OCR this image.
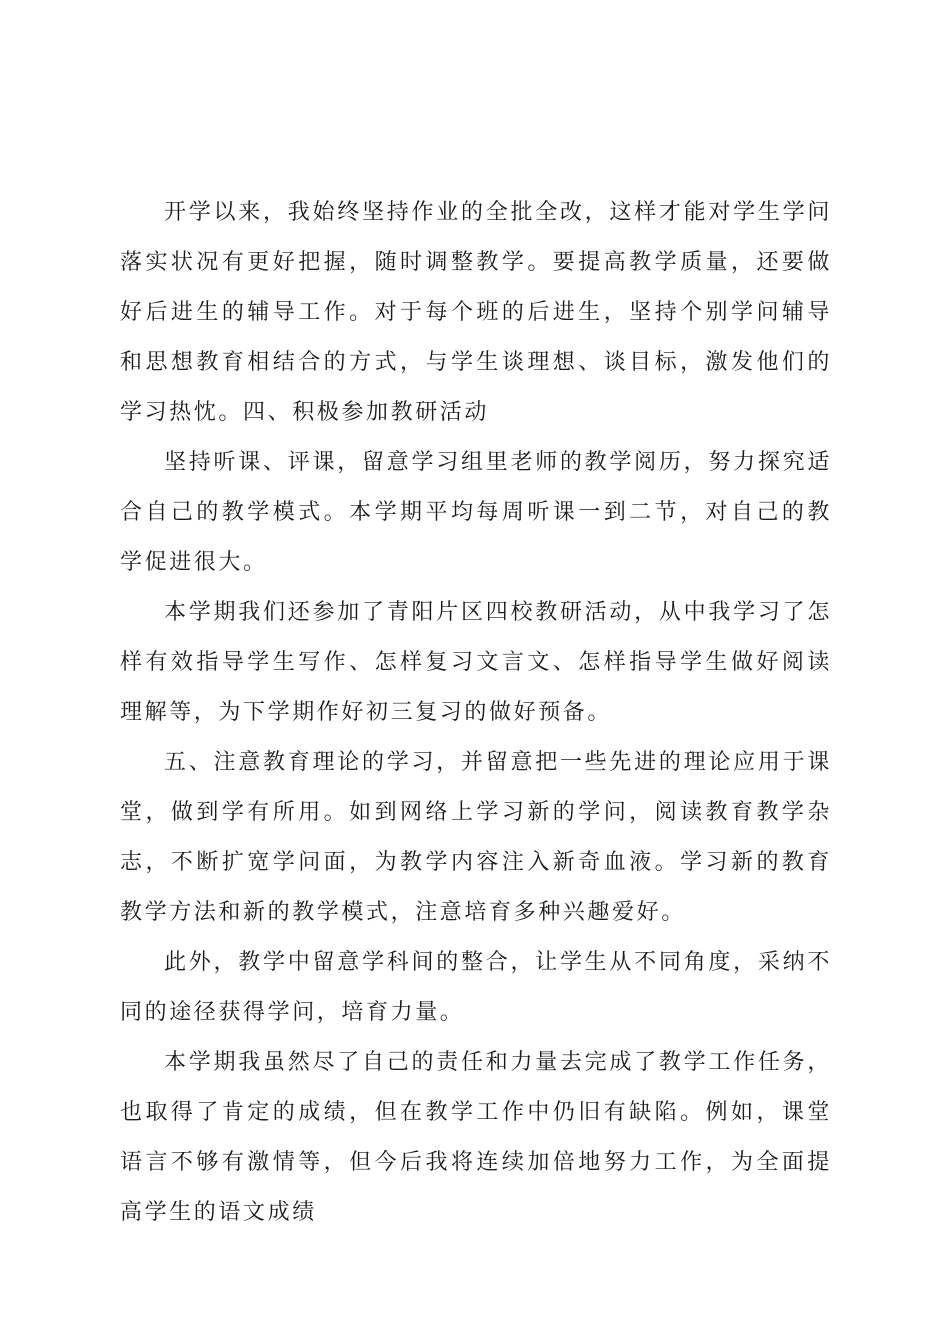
开学以来，我始终坚持作业的全批全改，这样才能对学生学问落实状况有更好把握，随时调整教学。要提高教学质量，还要做好后进生的辅导工作。对于每个班的后进生，坚持个别学问辅导和思想教育相结合的方式，与学生谈理想、谈目标，激发他们的学习热忱。四、积极参加教研活动

坚持听课、评课，留意学习组里老师的教学阅历，努力探究适合自己的教学模式。本学期平均每周听课一到二节，对自己的教学促进很大。

本学期我们还参加了青阳片区四校教研活动，从中我学习了怎样有效指导学生写作、怎样复习文言文、怎样指导学生做好阅读理解等，为下学期作好初三复习的做好预备。

五、注意教育理论的学习，并留意把一些先进的理论应用于课堂，做到学有所用。如到网络上学习新的学问，阅读教育教学杂志，不断扩宽学问面，为教学内容注入新奇血液。学习新的教育教学方法和新的教学模式，注意培育多种兴趣爱好。

此外，教学中留意学科间的整合，让学生从不同角度，采纳不同的途径获得学问，培育力量。

本学期我虽然尽了自己的责任和力量去完成了教学工作任务，也取得了肯定的成绩，但在教学工作中仍旧有缺陷。例如，课堂语言不够有激情等，但今后我将连续加倍地努力工作，为全面提高学生的语文成绩
